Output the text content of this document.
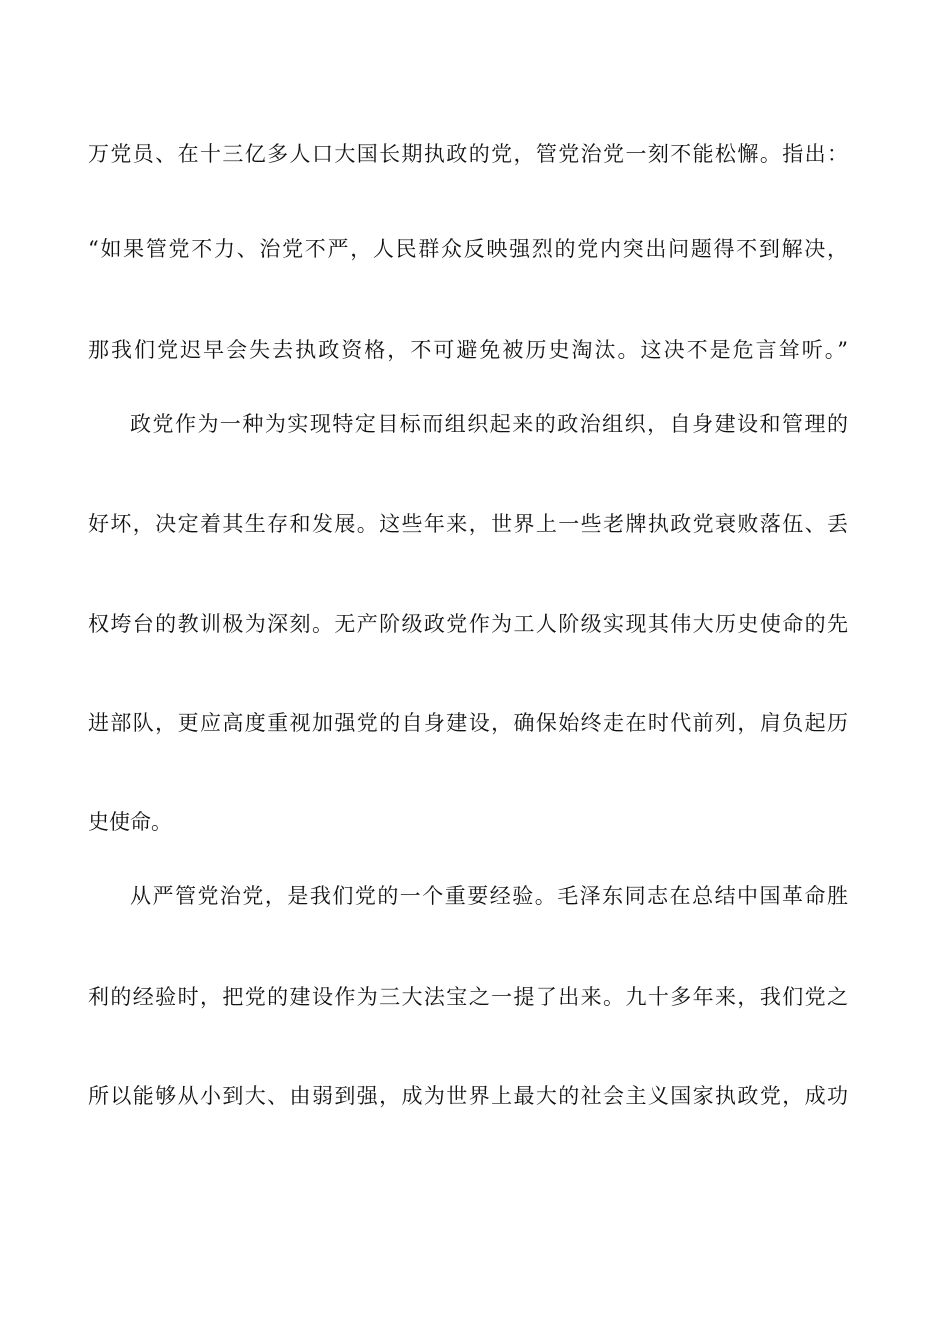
万党员、在十三亿多人口大国长期执政的党，管党治党一刻不能松懈。指出：
“如果管党不力、治党不严，人民群众反映强烈的党内突出问题得不到解决，
那我们党迟早会失去执政资格，不可避免被历史淘汰。这决不是危言耸听。”
政党作为一种为实现特定目标而组织起来的政治组织，自身建设和管理的
好坏，决定着其生存和发展。这些年来，世界上一些老牌执政党衰败落伍、丢
权垮台的教训极为深刻。无产阶级政党作为工人阶级实现其伟大历史使命的先
进部队，更应高度重视加强党的自身建设，确保始终走在时代前列，肩负起历
史使命。
从严管党治党，是我们党的一个重要经验。毛泽东同志在总结中国革命胜
利的经验时，把党的建设作为三大法宝之一提了出来。九十多年来，我们党之
所以能够从小到大、由弱到强，成为世界上最大的社会主义国家执政党，成功
